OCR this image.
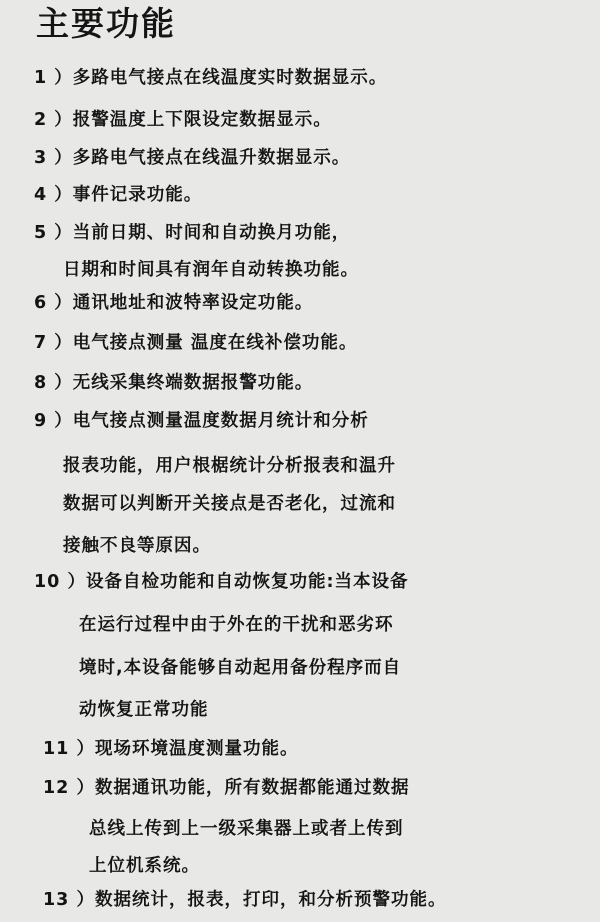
主要功能
1 ）多路电气接点在线温度实时数据显示。
2 ）报警温度上下限设定数据显示。
3 ）多路电气接点在线温升数据显示。
4 ）事件记录功能。
5 ）当前日期、时间和自动换月功能，
日期和时间具有润年自动转换功能。
6 ）通讯地址和波特率设定功能。
7 ）电气接点测量 温度在线补偿功能。
8 ）无线采集终端数据报警功能。
9 ）电气接点测量温度数据月统计和分析
报表功能，用户根椐统计分析报表和温升
数据可以判断开关接点是否老化，过流和
接触不良等原因。
10 ）设备自检功能和自动恢复功能:当本设备
在运行过程中由于外在的干扰和恶劣环
境时,本设备能够自动起用备份程序而自
动恢复正常功能
11 ）现场环境温度测量功能。
12 ）数据通讯功能，所有数据都能通过数据
总线上传到上一级采集器上或者上传到
上位机系统。
13 ）数据统计，报表，打印，和分析预警功能。
